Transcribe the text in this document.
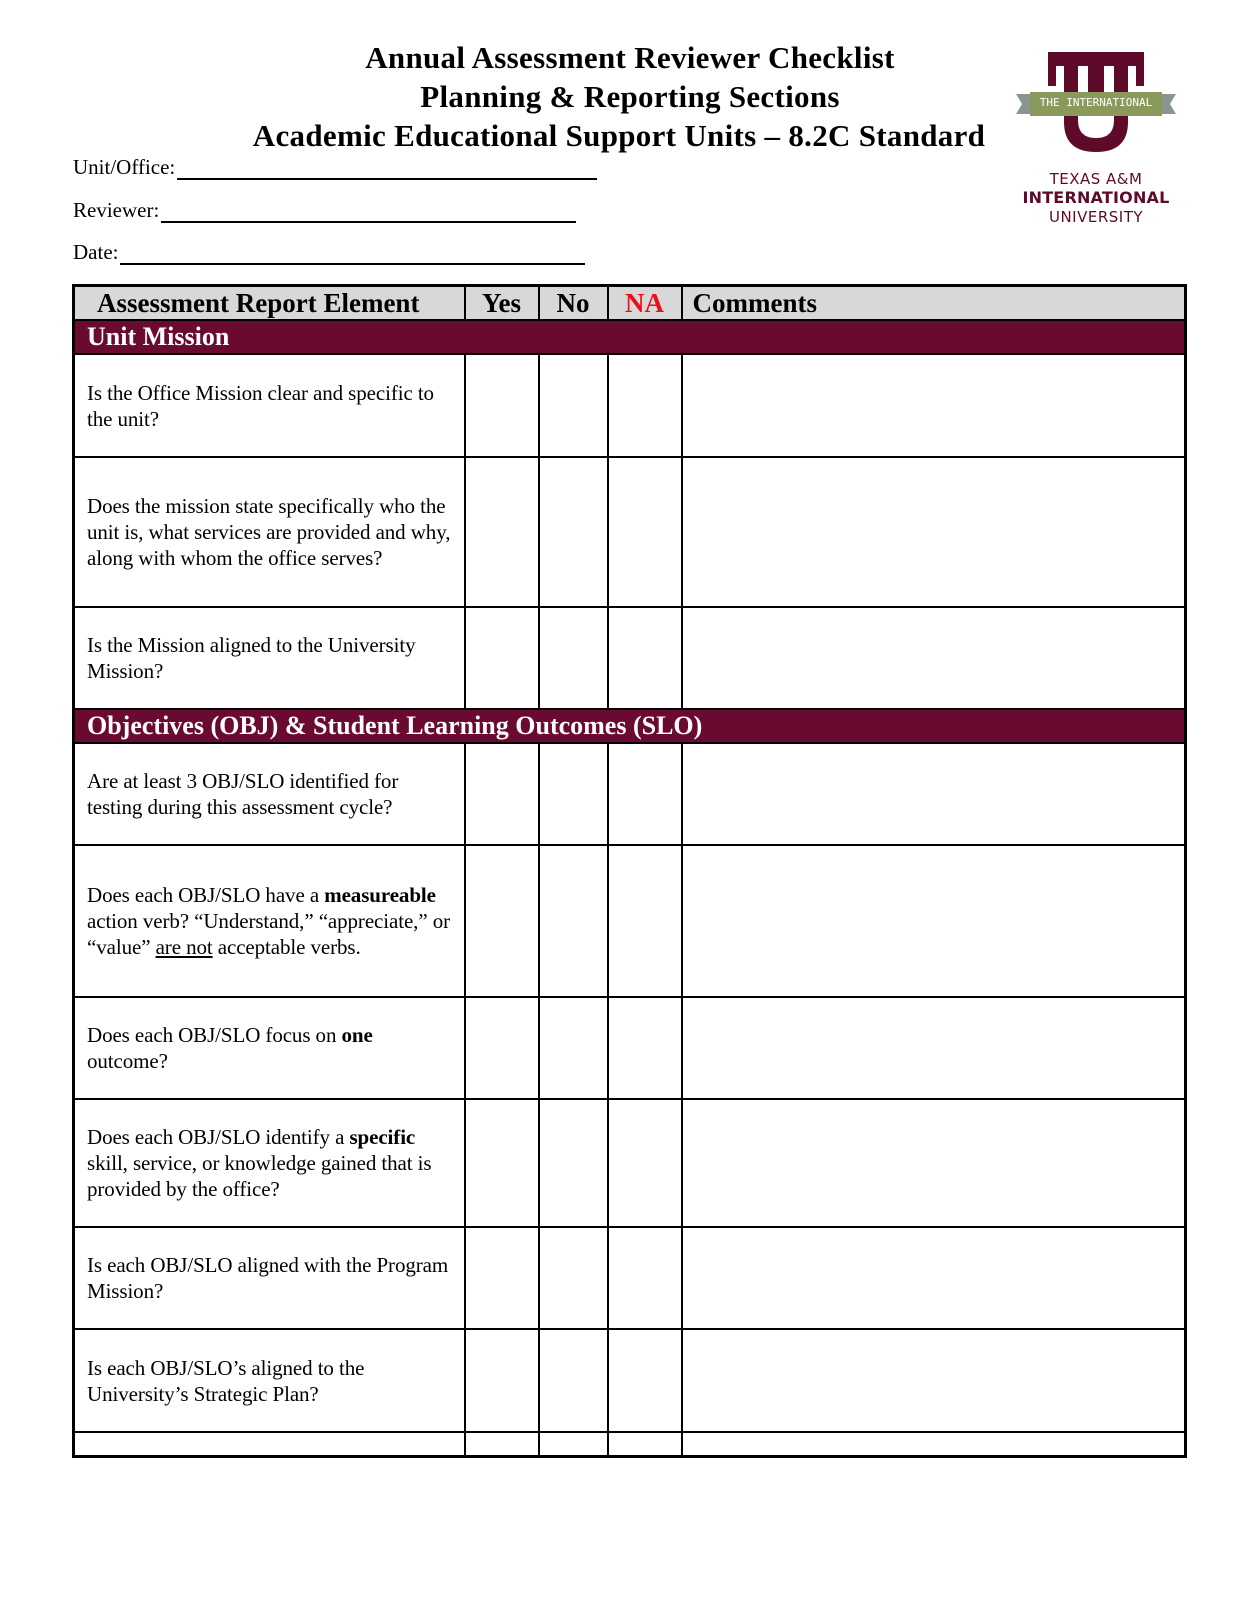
Annual Assessment Reviewer Checklist
Planning & Reporting Sections
Academic Educational Support Units – 8.2C Standard
THE INTERNATIONAL
TEXAS A&M
INTERNATIONAL
UNIVERSITY
Unit/Office:
Reviewer:
Date:
Assessment Report Element	Yes	No	NA	Comments
Unit Mission				
Is the Office Mission clear and specific to the unit?				
Does the mission state specifically who the unit is, what services are provided and why, along with whom the office serves?				
Is the Mission aligned to the University Mission?				
Objectives (OBJ) & Student Learning Outcomes (SLO)				
Are at least 3 OBJ/SLO identified for testing during this assessment cycle?				
Does each OBJ/SLO have a measureable action verb? “Understand,” “appreciate,” or “value” are not acceptable verbs.				
Does each OBJ/SLO focus on one outcome?				
Does each OBJ/SLO identify a specific skill, service, or knowledge gained that is provided by the office?				
Is each OBJ/SLO aligned with the Program Mission?				
Is each OBJ/SLO’s aligned to the University’s Strategic Plan?				
